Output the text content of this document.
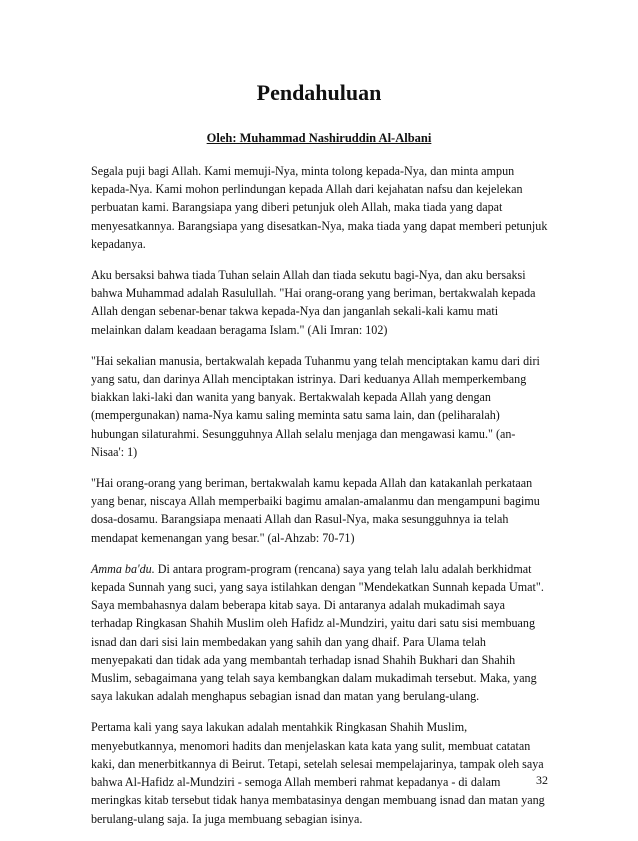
Pendahuluan
Oleh: Muhammad Nashiruddin Al-Albani

Segala puji bagi Allah. Kami memuji-Nya, minta tolong kepada-Nya, dan minta ampun kepada-Nya. Kami mohon perlindungan kepada Allah dari kejahatan nafsu dan kejelekan perbuatan kami. Barangsiapa yang diberi petunjuk oleh Allah, maka tiada yang dapat menyesatkannya. Barangsiapa yang disesatkan-Nya, maka tiada yang dapat memberi petunjuk kepadanya.

Aku bersaksi bahwa tiada Tuhan selain Allah dan tiada sekutu bagi-Nya, dan aku bersaksi bahwa Muhammad adalah Rasulullah. "Hai orang-orang yang beriman, bertakwalah kepada Allah dengan sebenar-benar takwa kepada-Nya dan janganlah sekali-kali kamu mati melainkan dalam keadaan beragama Islam." (Ali Imran: 102)

"Hai sekalian manusia, bertakwalah kepada Tuhanmu yang telah menciptakan kamu dari diri yang satu, dan darinya Allah menciptakan istrinya. Dari keduanya Allah memperkembang biakkan laki-laki dan wanita yang banyak. Bertakwalah kepada Allah yang dengan (mempergunakan) nama-Nya kamu saling meminta satu sama lain, dan (peliharalah) hubungan silaturahmi. Sesungguhnya Allah selalu menjaga dan mengawasi kamu." (an- Nisaa': 1)

"Hai orang-orang yang beriman, bertakwalah kamu kepada Allah dan katakanlah perkataan yang benar, niscaya Allah memperbaiki bagimu amalan-amalanmu dan mengampuni bagimu dosa-dosamu. Barangsiapa menaati Allah dan Rasul-Nya, maka sesungguhnya ia telah mendapat kemenangan yang besar." (al-Ahzab: 70-71)

Amma ba'du. Di antara program-program (rencana) saya yang telah lalu adalah berkhidmat kepada Sunnah yang suci, yang saya istilahkan dengan "Mendekatkan Sunnah kepada Umat". Saya membahasnya dalam beberapa kitab saya. Di antaranya adalah mukadimah saya terhadap Ringkasan Shahih Muslim oleh Hafidz al-Mundziri, yaitu dari satu sisi membuang isnad dan dari sisi lain membedakan yang sahih dan yang dhaif. Para Ulama telah menyepakati dan tidak ada yang membantah terhadap isnad Shahih Bukhari dan Shahih Muslim, sebagaimana yang telah saya kembangkan dalam mukadimah tersebut. Maka, yang saya lakukan adalah menghapus sebagian isnad dan matan yang berulang-ulang.

Pertama kali yang saya lakukan adalah mentahkik Ringkasan Shahih Muslim, menyebutkannya, menomori hadits dan menjelaskan kata kata yang sulit, membuat catatan kaki, dan menerbitkannya di Beirut. Tetapi, setelah selesai mempelajarinya, tampak oleh saya bahwa Al-Hafidz al-Mundziri - semoga Allah memberi rahmat kepadanya - di dalam meringkas kitab tersebut tidak hanya membatasinya dengan membuang isnad dan matan yang berulang-ulang saja. Ia juga membuang sebagian isinya.

32
